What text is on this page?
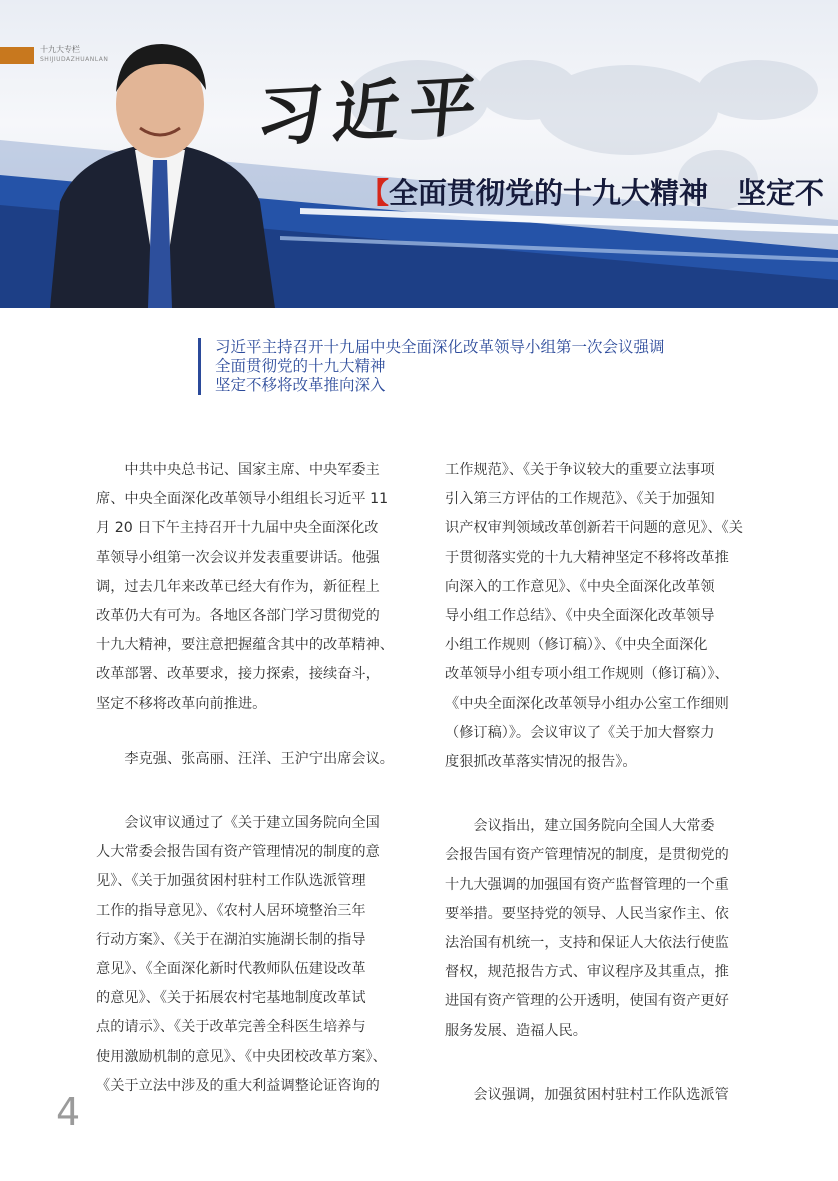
十九大专栏
SHIJIUDAZHUANLAN
习近平
【全面贯彻党的十九大精神　坚定不
习近平主持召开十九届中央全面深化改革领导小组第一次会议强调
全面贯彻党的十九大精神
坚定不移将改革推向深入
　　中共中央总书记、国家主席、中央军委主
席、中央全面深化改革领导小组组长习近平 11
月 20 日下午主持召开十九届中央全面深化改
革领导小组第一次会议并发表重要讲话。他强
调，过去几年来改革已经大有作为，新征程上
改革仍大有可为。各地区各部门学习贯彻党的
十九大精神，要注意把握蕴含其中的改革精神、
改革部署、改革要求，接力探索，接续奋斗，
坚定不移将改革向前推进。
　　李克强、张高丽、汪洋、王沪宁出席会议。
　　会议审议通过了《关于建立国务院向全国
人大常委会报告国有资产管理情况的制度的意
见》、《关于加强贫困村驻村工作队选派管理
工作的指导意见》、《农村人居环境整治三年
行动方案》、《关于在湖泊实施湖长制的指导
意见》、《全面深化新时代教师队伍建设改革
的意见》、《关于拓展农村宅基地制度改革试
点的请示》、《关于改革完善全科医生培养与
使用激励机制的意见》、《中央团校改革方案》、
《关于立法中涉及的重大利益调整论证咨询的
工作规范》、《关于争议较大的重要立法事项
引入第三方评估的工作规范》、《关于加强知
识产权审判领域改革创新若干问题的意见》、《关
于贯彻落实党的十九大精神坚定不移将改革推
向深入的工作意见》、《中央全面深化改革领
导小组工作总结》、《中央全面深化改革领导
小组工作规则（修订稿）》、《中央全面深化
改革领导小组专项小组工作规则（修订稿）》、
《中央全面深化改革领导小组办公室工作细则
（修订稿）》。会议审议了《关于加大督察力
度狠抓改革落实情况的报告》。
　　会议指出，建立国务院向全国人大常委
会报告国有资产管理情况的制度，是贯彻党的
十九大强调的加强国有资产监督管理的一个重
要举措。要坚持党的领导、人民当家作主、依
法治国有机统一，支持和保证人大依法行使监
督权，规范报告方式、审议程序及其重点，推
进国有资产管理的公开透明，使国有资产更好
服务发展、造福人民。
　　会议强调，加强贫困村驻村工作队选派管
4
